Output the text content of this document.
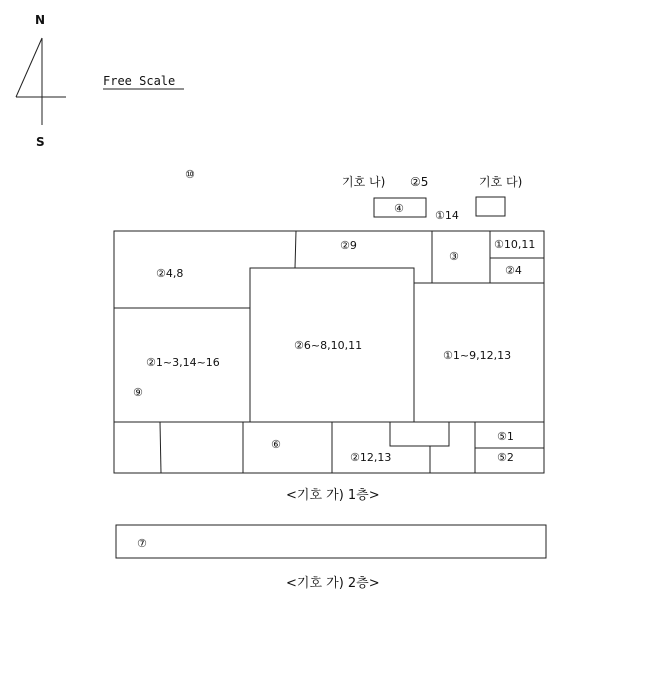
N
S
Free Scale
⑩
기호 나) ②5
④
기호 다)
①14
②9
③
①10,11
②4
②4,8
②6~8,10,11
①1~9,12,13
②1~3,14~16
⑨
⑥
⑤1
⑤2
②12,13
<기호 가) 1층>
⑦
<기호 가) 2층>
